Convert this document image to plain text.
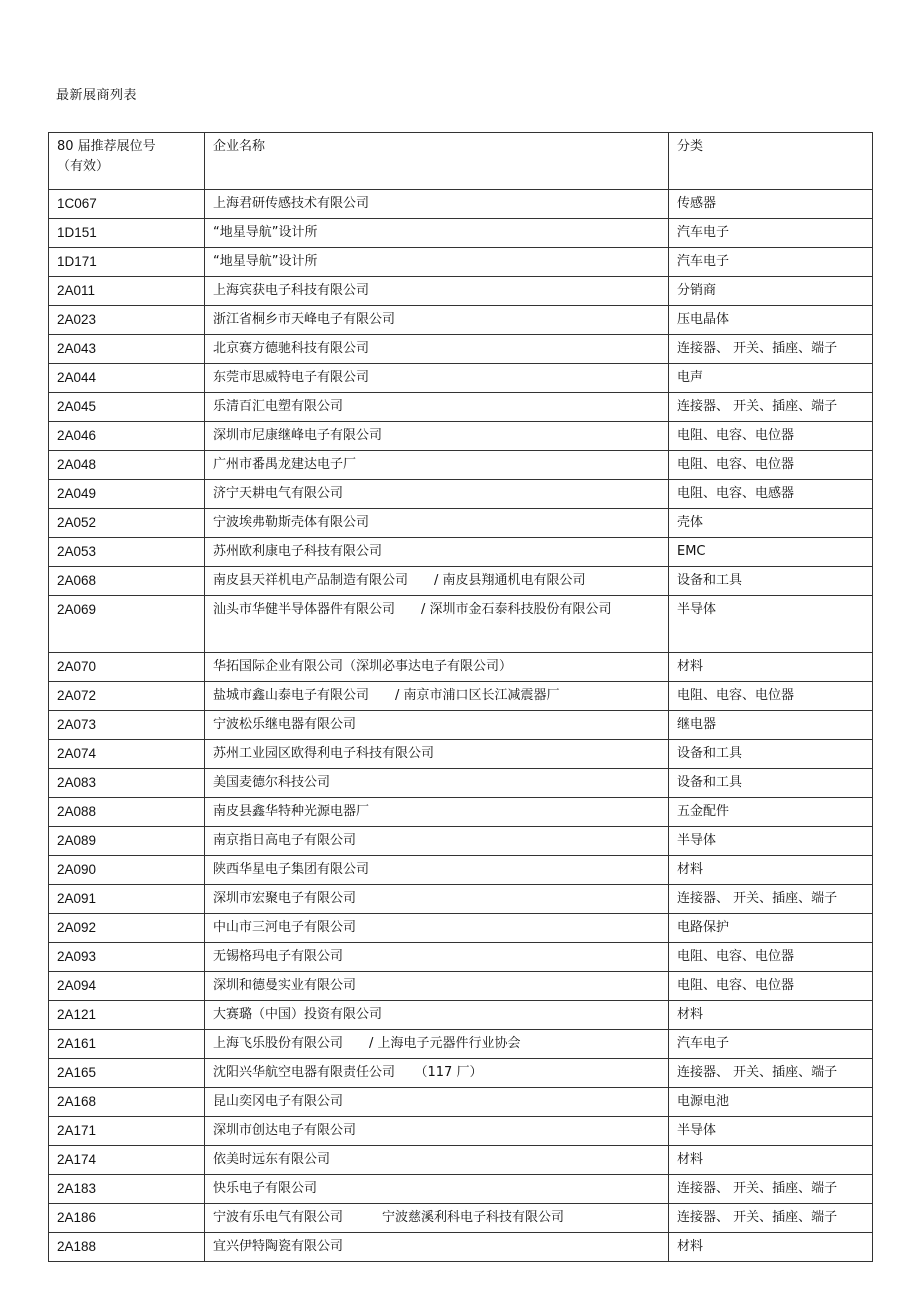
最新展商列表
80 届推荐展位号
（有效）	企业名称	分类
1C067	上海君研传感技术有限公司	传感器
1D151	“地星导航”设计所	汽车电子
1D171	“地星导航”设计所	汽车电子
2A011	上海宾获电子科技有限公司	分销商
2A023	浙江省桐乡市天峰电子有限公司	压电晶体
2A043	北京赛方德驰科技有限公司	连接器、 开关、插座、端子
2A044	东莞市思威特电子有限公司	电声
2A045	乐清百汇电塑有限公司	连接器、 开关、插座、端子
2A046	深圳市尼康继峰电子有限公司	电阻、电容、电位器
2A048	广州市番禺龙建达电子厂	电阻、电容、电位器
2A049	济宁天耕电气有限公司	电阻、电容、电感器
2A052	宁波埃弗勒斯壳体有限公司	壳体
2A053	苏州欧利康电子科技有限公司	EMC
2A068	南皮县天祥机电产品制造有限公司　　/ 南皮县翔通机电有限公司	设备和工具
2A069	汕头市华健半导体器件有限公司　　/ 深圳市金石泰科技股份有限公司	半导体
2A070	华拓国际企业有限公司（深圳必事达电子有限公司）	材料
2A072	盐城市鑫山泰电子有限公司　　/ 南京市浦口区长江减震器厂	电阻、电容、电位器
2A073	宁波松乐继电器有限公司	继电器
2A074	苏州工业园区欧得利电子科技有限公司	设备和工具
2A083	美国麦德尔科技公司	设备和工具
2A088	南皮县鑫华特种光源电器厂	五金配件
2A089	南京指日高电子有限公司	半导体
2A090	陕西华星电子集团有限公司	材料
2A091	深圳市宏聚电子有限公司	连接器、 开关、插座、端子
2A092	中山市三河电子有限公司	电路保护
2A093	无锡格玛电子有限公司	电阻、电容、电位器
2A094	深圳和德曼实业有限公司	电阻、电容、电位器
2A121	大赛璐（中国）投资有限公司	材料
2A161	上海飞乐股份有限公司　　/ 上海电子元器件行业协会	汽车电子
2A165	沈阳兴华航空电器有限责任公司　　（117 厂）	连接器、 开关、插座、端子
2A168	昆山奕冈电子有限公司	电源电池
2A171	深圳市创达电子有限公司	半导体
2A174	依美时远东有限公司	材料
2A183	快乐电子有限公司	连接器、 开关、插座、端子
2A186	宁波有乐电气有限公司　　　宁波慈溪利科电子科技有限公司	连接器、 开关、插座、端子
2A188	宜兴伊特陶瓷有限公司	材料
